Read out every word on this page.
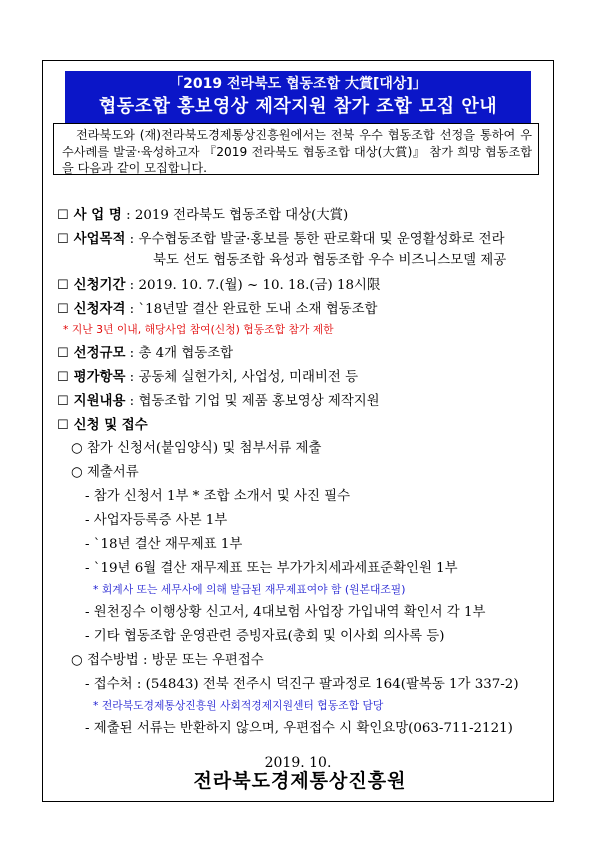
「2019 전라북도 협동조합 大賞[대상]」
협동조합 홍보영상 제작지원 참가 조합 모집 안내
전라북도와 (재)전라북도경제통상진흥원에서는 전북 우수 협동조합 선정을 통하여 우수사례를 발굴·육성하고자 『2019 전라북도 협동조합 대상(大賞)』 참가 희망 협동조합을 다음과 같이 모집합니다.
☐ 사 업 명 : 2019 전라북도 협동조합 대상(大賞)
☐ 사업목적 : 우수협동조합 발굴·홍보를 통한 판로확대 및 운영활성화로 전라
북도 선도 협동조합 육성과 협동조합 우수 비즈니스모델 제공
☐ 신청기간 : 2019. 10. 7.(월) ~ 10. 18.(금) 18시限
☐ 신청자격 : `18년말 결산 완료한 도내 소재 협동조합
* 지난 3년 이내, 해당사업 참여(신청) 협동조합 참가 제한
☐ 선정규모 : 총 4개 협동조합
☐ 평가항목 : 공동체 실현가치, 사업성, 미래비전 등
☐ 지원내용 : 협동조합 기업 및 제품 홍보영상 제작지원
☐ 신청 및 접수
○ 참가 신청서(붙임양식) 및 첨부서류 제출
○ 제출서류
- 참가 신청서 1부 * 조합 소개서 및 사진 필수
- 사업자등록증 사본 1부
- `18년 결산 재무제표 1부
- `19년 6월 결산 재무제표 또는 부가가치세과세표준확인원 1부
* 회계사 또는 세무사에 의해 발급된 재무제표여야 함 (원본대조필)
- 원천징수 이행상황 신고서, 4대보험 사업장 가입내역 확인서 각 1부
- 기타 협동조합 운영관련 증빙자료(총회 및 이사회 의사록 등)
○ 접수방법 : 방문 또는 우편접수
- 접수처 : (54843) 전북 전주시 덕진구 팔과정로 164(팔복동 1가 337-2)
* 전라북도경제통상진흥원 사회적경제지원센터 협동조합 담당
- 제출된 서류는 반환하지 않으며, 우편접수 시 확인요망(063-711-2121)
2019. 10.
전라북도경제통상진흥원
